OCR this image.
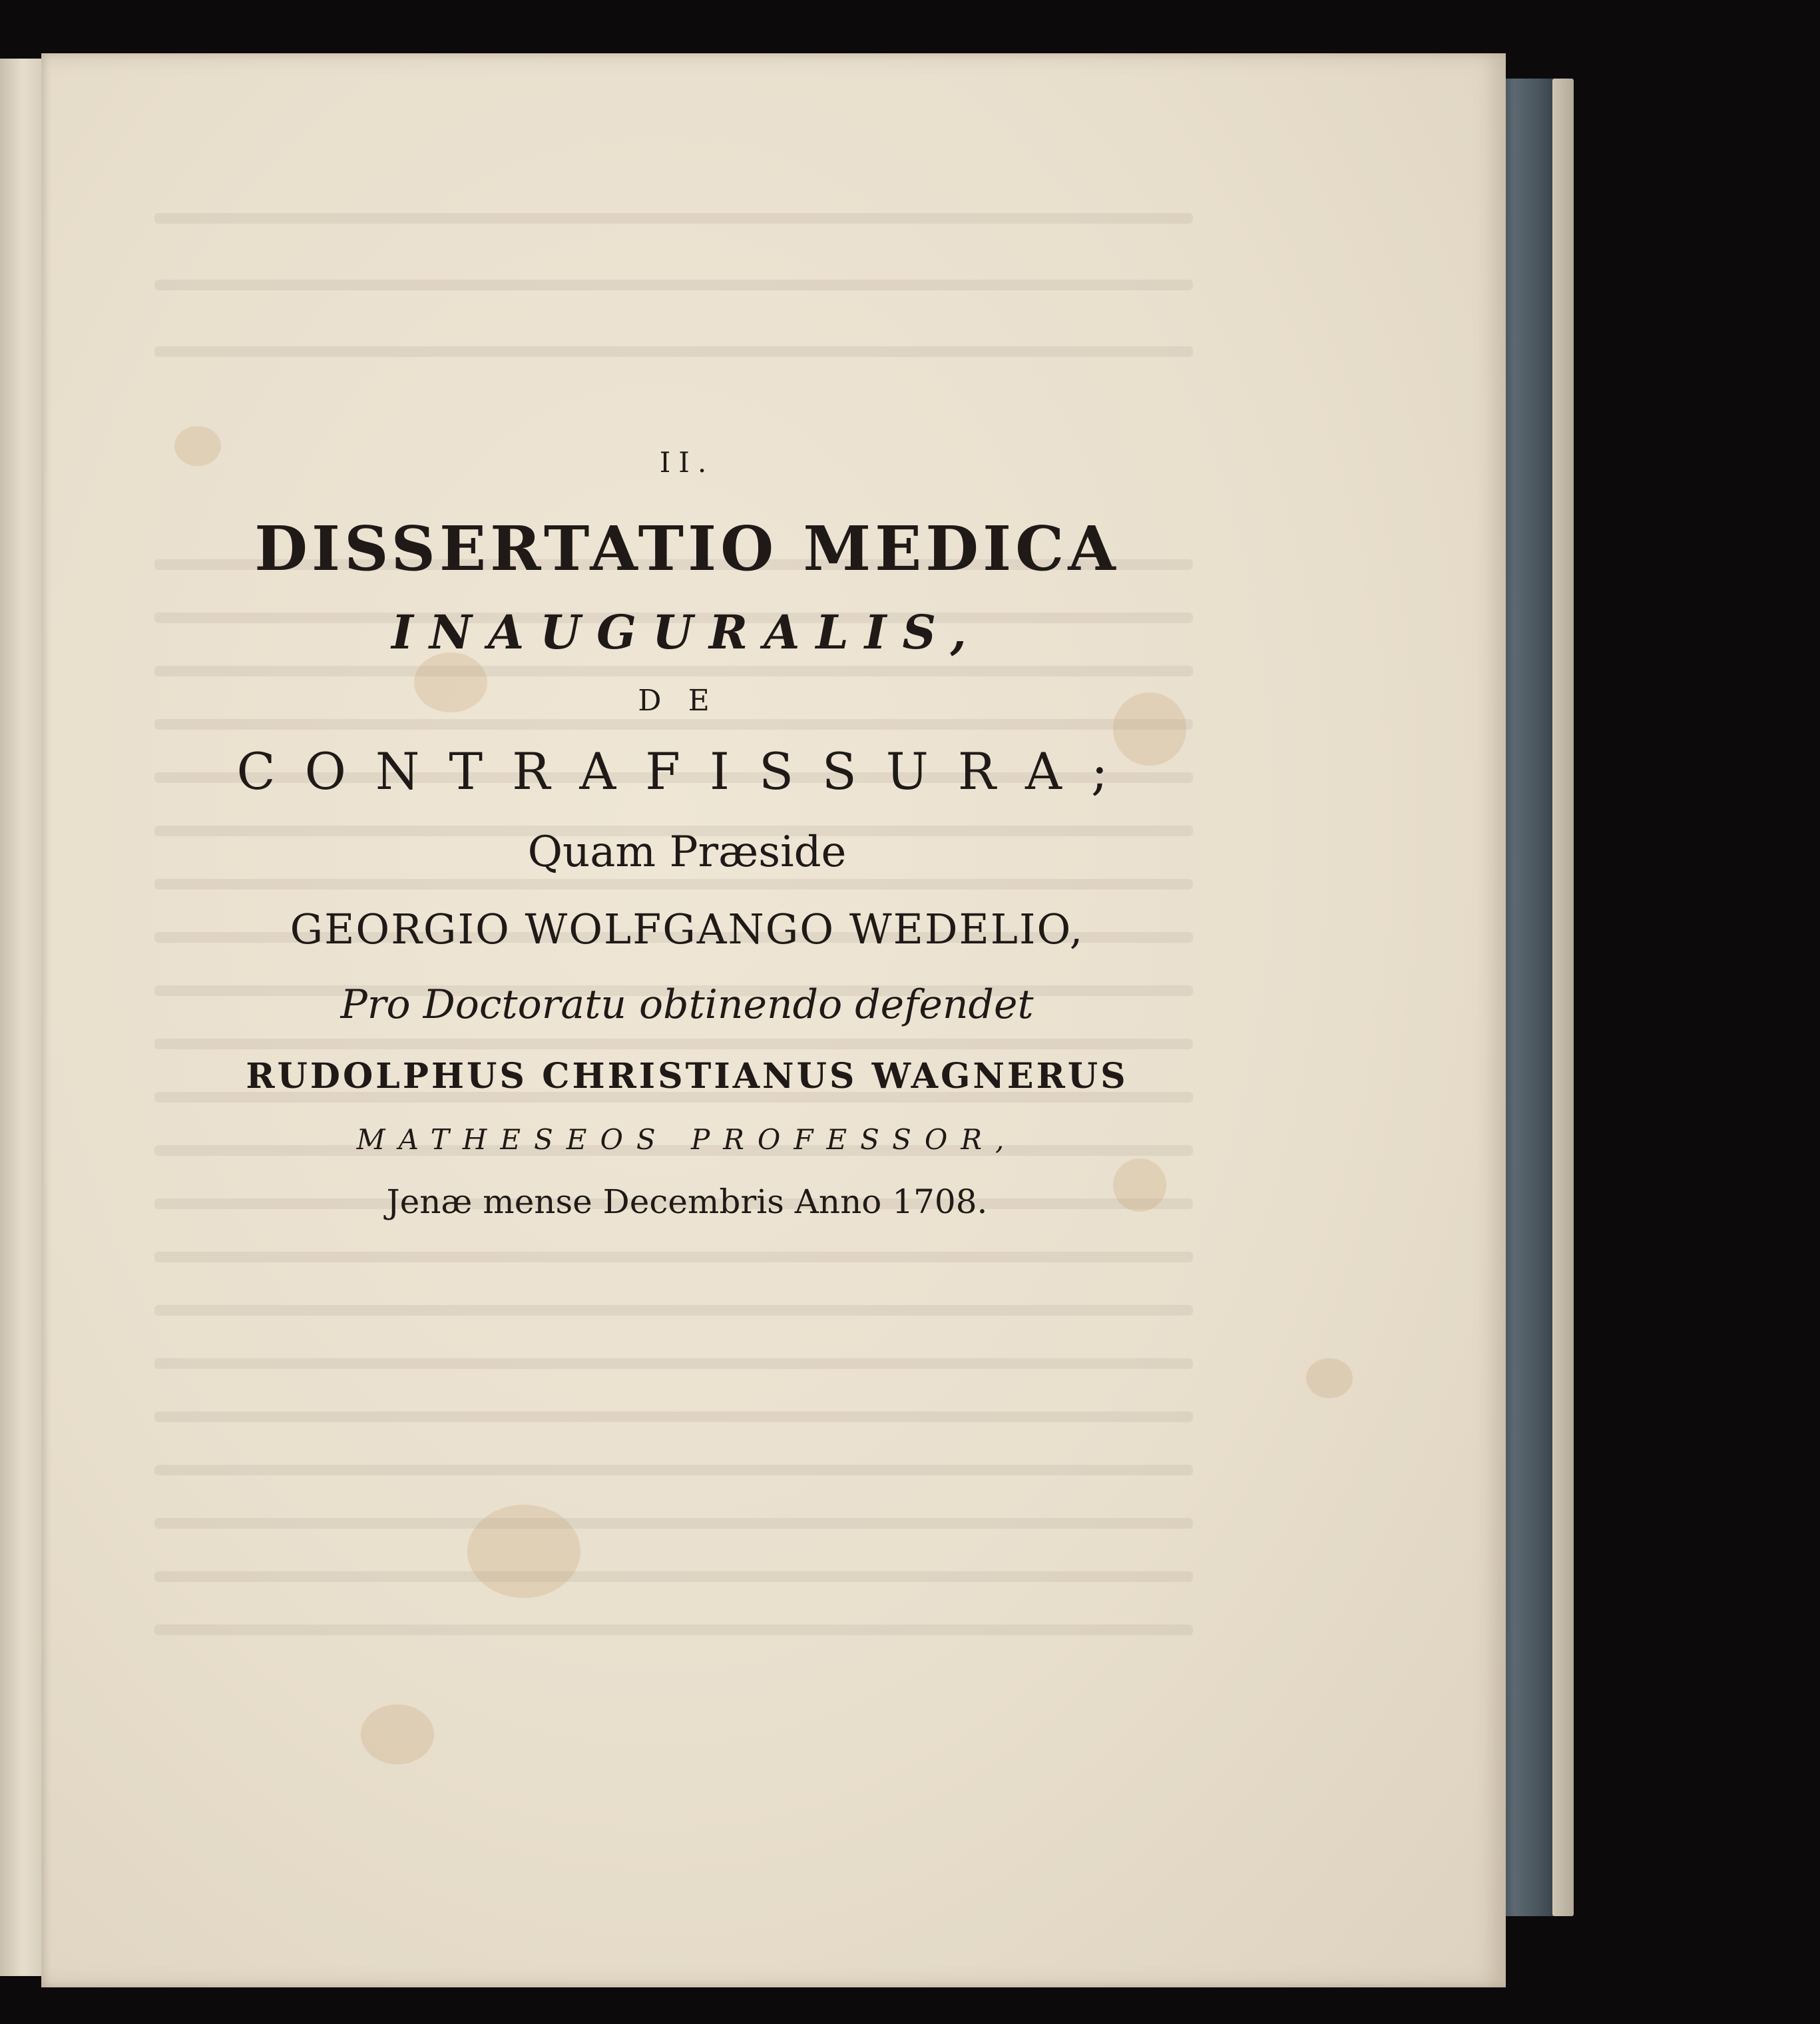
II.

DISSERTATIO MEDICA

INAUGURALIS,

DE

CONTRAFISSURA;

Quam Præside

GEORGIO WOLFGANGO WEDELIO,

Pro Doctoratu obtinendo defendet

RUDOLPHUS CHRISTIANUS WAGNERUS

MATHESEOS PROFESSOR,

Jenæ mense Decembris Anno 1708.
